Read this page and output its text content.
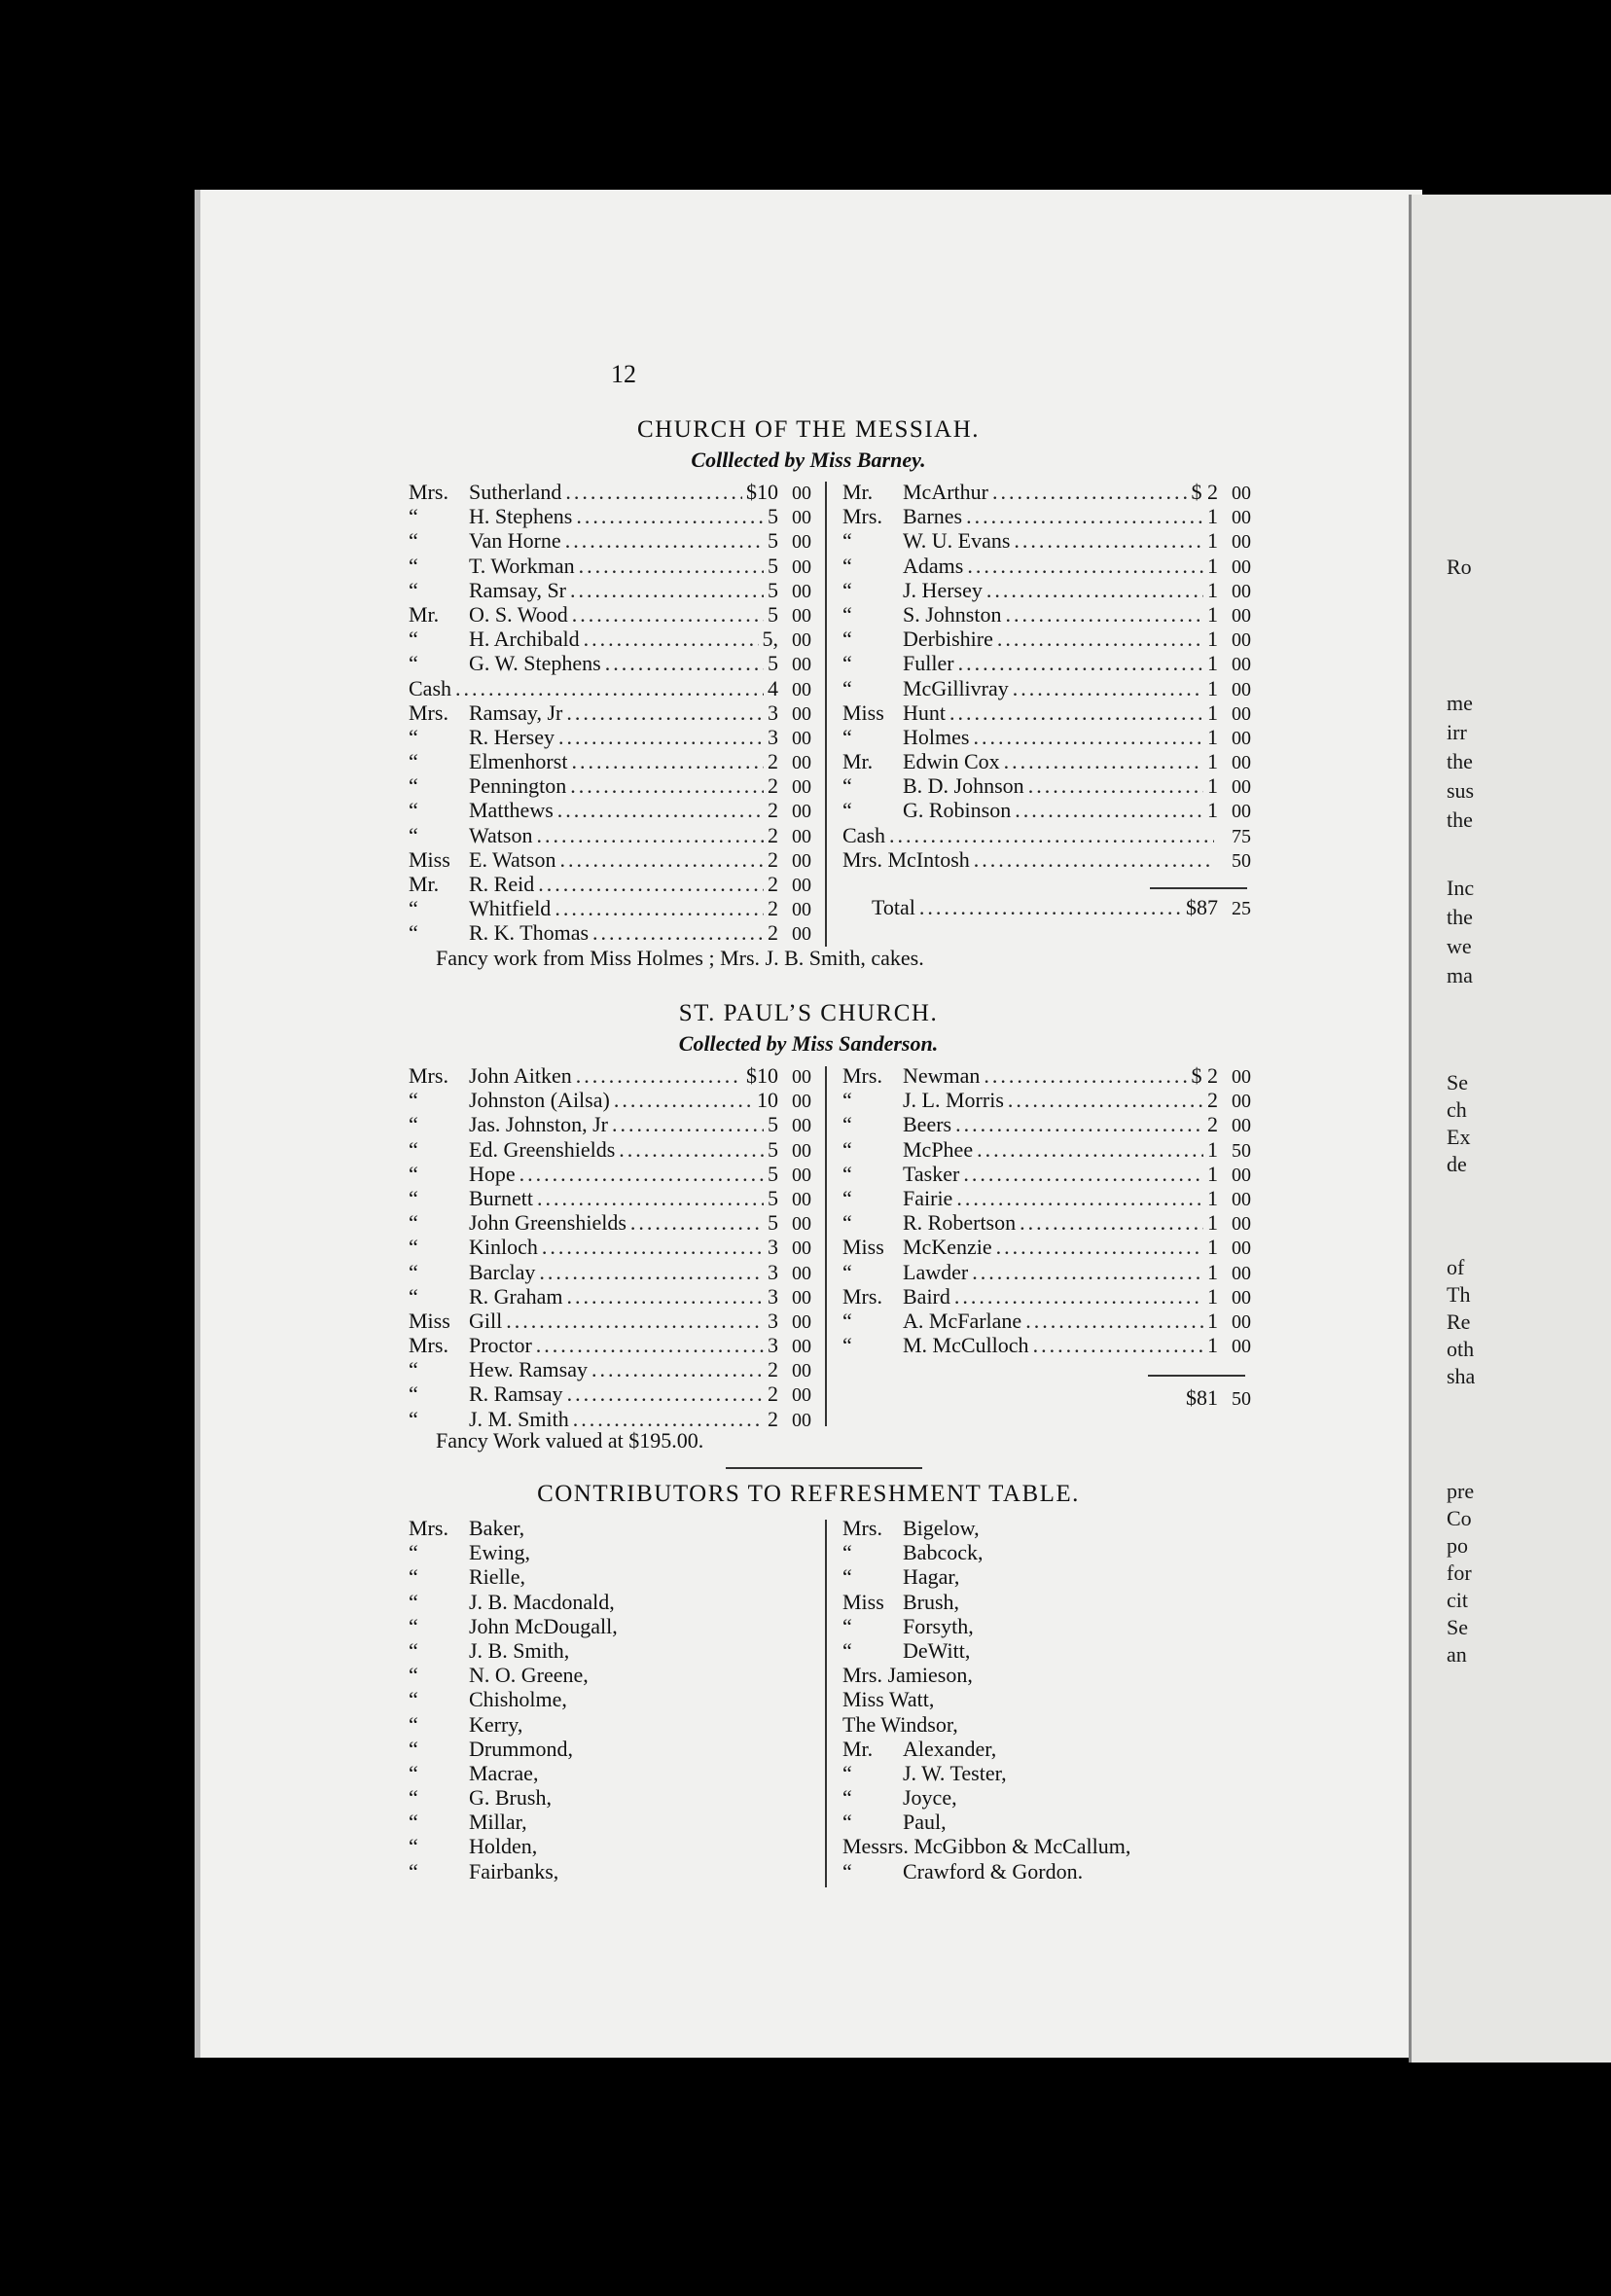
Ro
me
irr
the
sus
the
Inc
the
we
ma
Se
ch
Ex
de
of
Th
Re
oth
sha
pre
Co
po
for
cit
Se
an
12
CHURCH OF THE MESSIAH.
Colllected by Miss Barney.
Mrs. Sutherland .....	$10 00
“	H. Stephens .....	5 00
“	Van Horne .....	5 00
“	T. Workman .....	5 00
“	Ramsay, Sr .....	5 00
Mr.	O. S. Wood .....	5 00
“	H. Archibald .....	5, 00
“	G. W. Stephens .....	5 00
Cash .....	4 00
Mrs. Ramsay, Jr .....	3 00
“	R. Hersey .....	3 00
“	Elmenhorst .....	2 00
“	Pennington .....	2 00
“	Matthews .....	2 00
“	Watson .....	2 00
Miss E. Watson .....	2 00
Mr.	R. Reid .....	2 00
“	Whitfield .....	2 00
“	R. K. Thomas .....	2 00
Mr.	McArthur .....	$ 2 00
Mrs. Barnes .....	1 00
“	W. U. Evans .....	1 00
“	Adams .....	1 00
“	J. Hersey .....	1 00
“	S. Johnston .....	1 00
“	Derbishire .....	1 00
“	Fuller .....	1 00
“	McGillivray .....	1 00
Miss Hunt .....	1 00
“	Holmes .....	1 00
Mr.	Edwin Cox .....	1 00
“	B. D. Johnson .....	1 00
“	G. Robinson .....	1 00
Cash .....	75
Mrs. McIntosh .....	50
Total .....	$87 25
Fancy work from Miss Holmes ; Mrs. J. B. Smith, cakes.
ST. PAUL’S CHURCH.
Collected by Miss Sanderson.
Mrs. John Aitken .....	$10 00
“	Johnston (Ailsa) .....	10 00
“	Jas. Johnston, Jr .....	5 00
“	Ed. Greenshields .....	5 00
“	Hope .....	5 00
“	Burnett .....	5 00
“	John Greenshields .....	5 00
“	Kinloch .....	3 00
“	Barclay .....	3 00
“	R. Graham .....	3 00
Miss Gill .....	3 00
Mrs. Proctor .....	3 00
“	Hew. Ramsay .....	2 00
“	R. Ramsay .....	2 00
“	J. M. Smith .....	2 00
Mrs. Newman .....	$ 2 00
“	J. L. Morris .....	2 00
“	Beers .....	2 00
“	McPhee .....	1 50
“	Tasker .....	1 00
“	Fairie .....	1 00
“	R. Robertson .....	1 00
Miss McKenzie .....	1 00
“	Lawder .....	1 00
Mrs. Baird .....	1 00
“	A. McFarlane .....	1 00
“	M. McCulloch .....	1 00
$81 50
Fancy Work valued at $195.00.
CONTRIBUTORS TO REFRESHMENT TABLE.
Mrs. Baker,
“	Ewing,
“	Rielle,
“	J. B. Macdonald,
“	John McDougall,
“	J. B. Smith,
“	N. O. Greene,
“	Chisholme,
“	Kerry,
“	Drummond,
“	Macrae,
“	G. Brush,
“	Millar,
“	Holden,
“	Fairbanks,
Mrs. Bigelow,
“	Babcock,
“	Hagar,
Miss Brush,
“	Forsyth,
“	DeWitt,
Mrs. Jamieson,
Miss Watt,
The Windsor,
Mr.	Alexander,
“	J. W. Tester,
“	Joyce,
“	Paul,
Messrs. McGibbon & McCallum,
“	Crawford & Gordon.
